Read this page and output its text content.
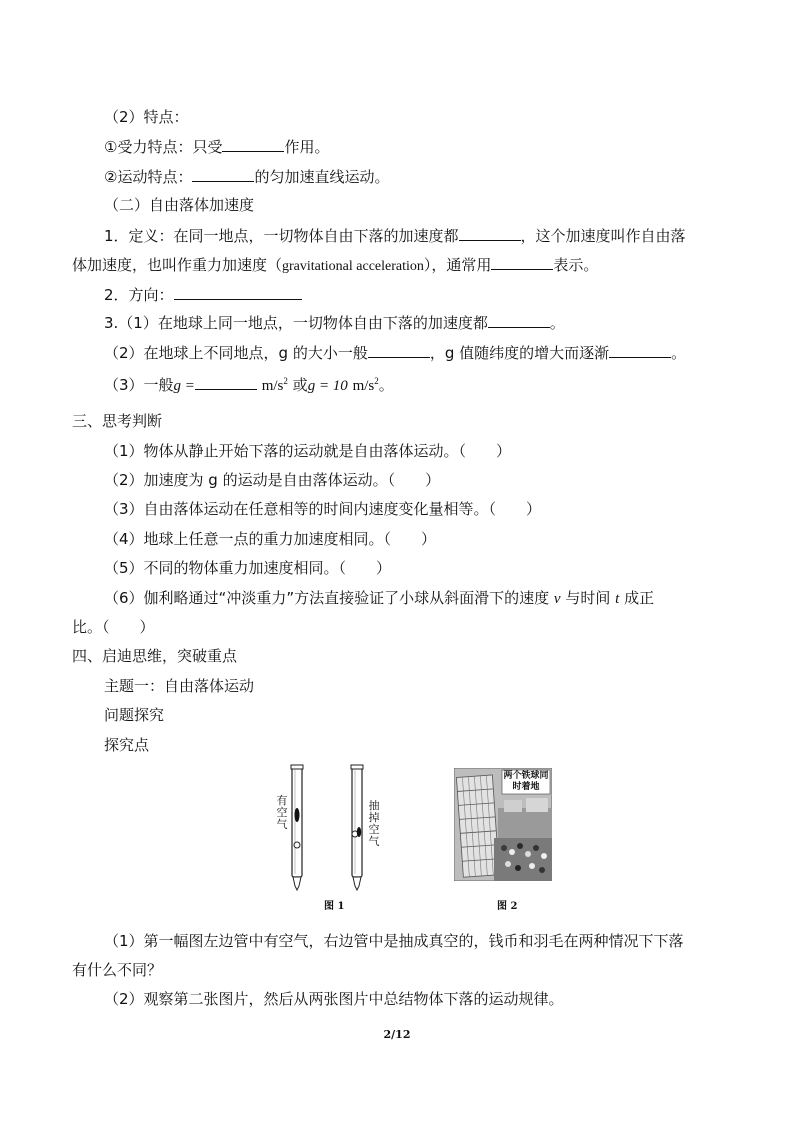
（2）特点：
①受力特点：只受	作用。
②运动特点：	的匀加速直线运动。
（二）自由落体加速度
1．定义：在同一地点，一切物体自由下落的加速度都	，这个加速度叫作自由落
体加速度，也叫作重力加速度（gravitational acceleration），通常用	表示。
2．方向：
3.（1）在地球上同一地点，一切物体自由下落的加速度都	。
（2）在地球上不同地点，g 的大小一般	，g 值随纬度的增大而逐渐	。
（3）一般g =	$m/s^2$ 或g = 10 $m/s^2$。
三、思考判断
（1）物体从静止开始下落的运动就是自由落体运动。（ ）
（2）加速度为 g 的运动是自由落体运动。（ ）
（3）自由落体运动在任意相等的时间内速度变化量相等。（ ）
（4）地球上任意一点的重力加速度相同。（ ）
（5）不同的物体重力加速度相同。（ ）
（6）伽利略通过“冲淡重力”方法直接验证了小球从斜面滑下的速度 v 与时间 t 成正
比。（ ）
四、启迪思维，突破重点
主题一：自由落体运动
问题探究
探究点
有空气
抽掉空气
两个铁球同时着地
图 1	图 2
（1）第一幅图左边管中有空气，右边管中是抽成真空的，钱币和羽毛在两种情况下下落
有什么不同？
（2）观察第二张图片，然后从两张图片中总结物体下落的运动规律。
2/12
